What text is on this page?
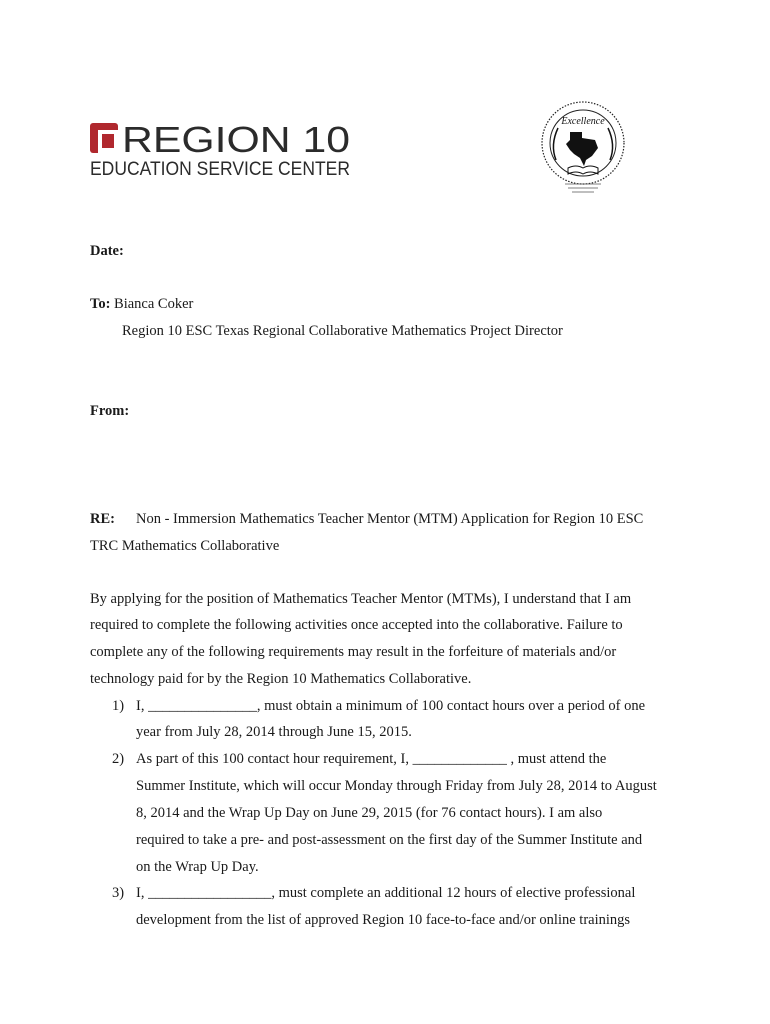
REGION 10
EDUCATION SERVICE CENTER
Excellence
Date:
To: Bianca Coker
Region 10 ESC Texas Regional Collaborative Mathematics Project Director
From:
RE: Non - Immersion Mathematics Teacher Mentor (MTM) Application for Region 10 ESC
TRC Mathematics Collaborative
By applying for the position of Mathematics Teacher Mentor (MTMs), I understand that I am
required to complete the following activities once accepted into the collaborative. Failure to
complete any of the following requirements may result in the forfeiture of materials and/or
technology paid for by the Region 10 Mathematics Collaborative.
1) I, _______________, must obtain a minimum of 100 contact hours over a period of one
year from July 28, 2014 through June 15, 2015.
2) As part of this 100 contact hour requirement, I, _____________ , must attend the
Summer Institute, which will occur Monday through Friday from July 28, 2014 to August
8, 2014 and the Wrap Up Day on June 29, 2015 (for 76 contact hours). I am also
required to take a pre- and post-assessment on the first day of the Summer Institute and
on the Wrap Up Day.
3) I, _________________, must complete an additional 12 hours of elective professional
development from the list of approved Region 10 face-to-face and/or online trainings
